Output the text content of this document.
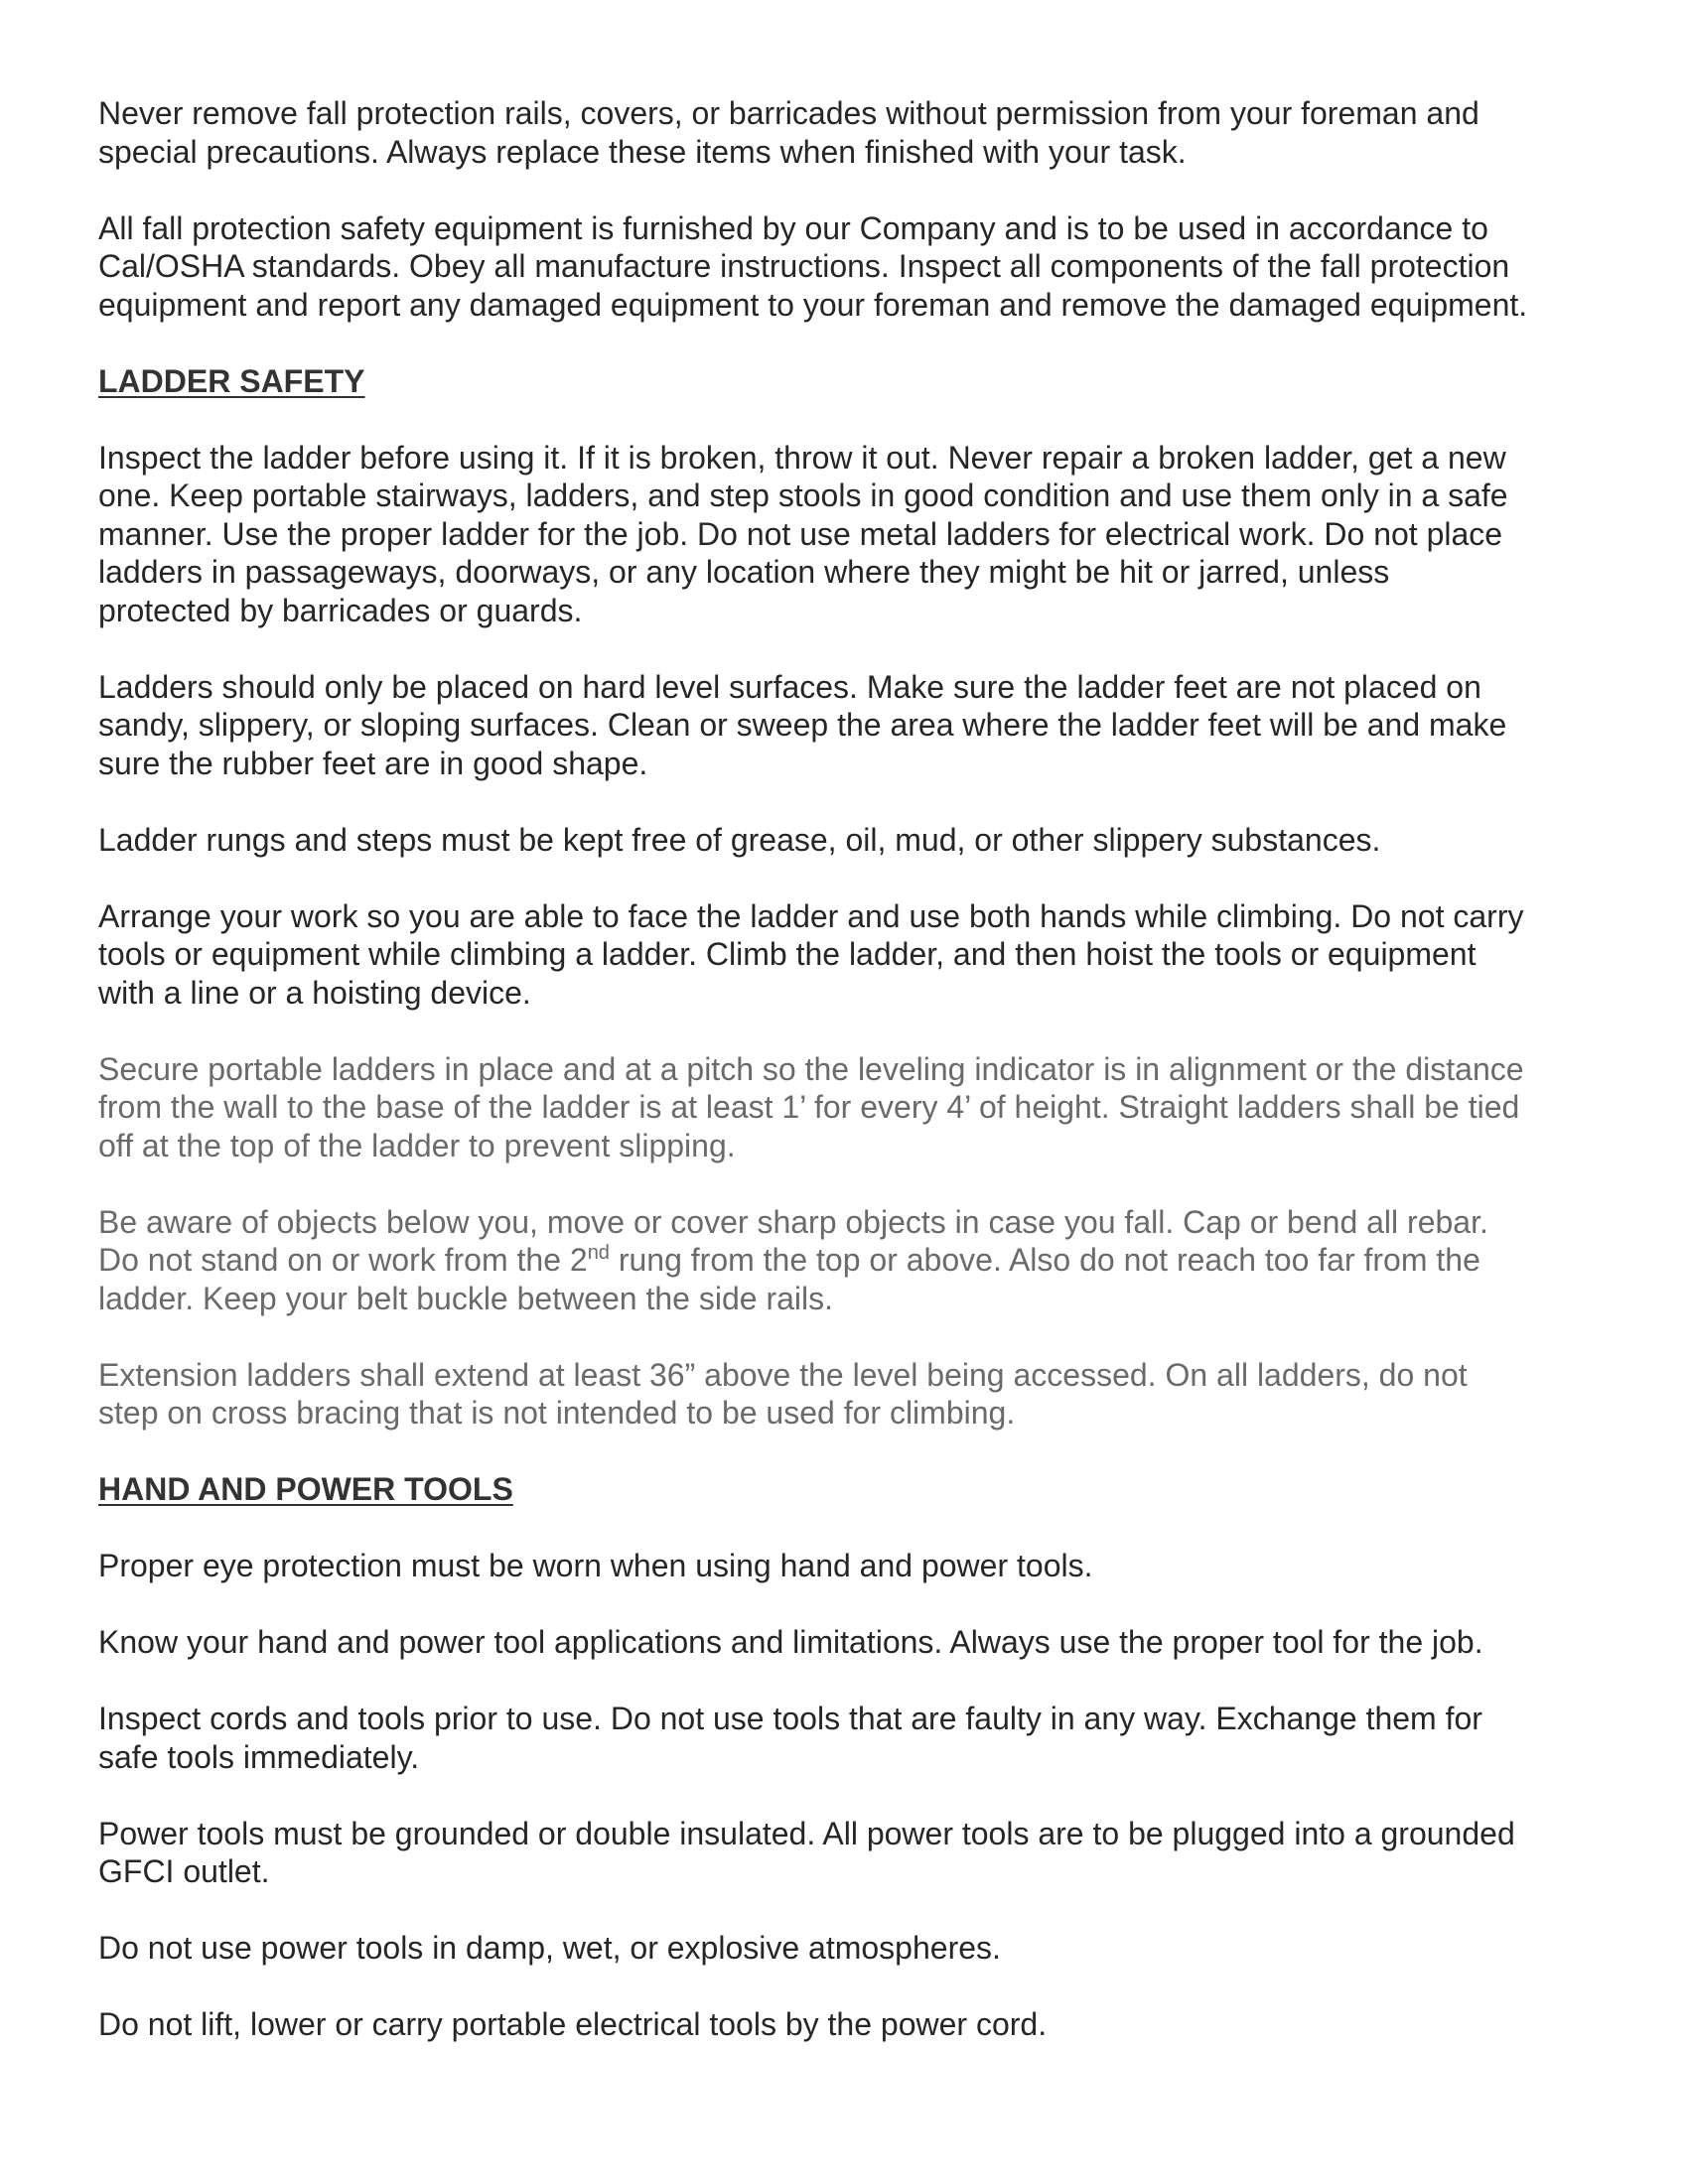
Never remove fall protection rails, covers, or barricades without permission from your foreman and
special precautions. Always replace these items when finished with your task.

All fall protection safety equipment is furnished by our Company and is to be used in accordance to
Cal/OSHA standards. Obey all manufacture instructions. Inspect all components of the fall protection
equipment and report any damaged equipment to your foreman and remove the damaged equipment.

LADDER SAFETY

Inspect the ladder before using it. If it is broken, throw it out. Never repair a broken ladder, get a new
one. Keep portable stairways, ladders, and step stools in good condition and use them only in a safe
manner. Use the proper ladder for the job. Do not use metal ladders for electrical work. Do not place
ladders in passageways, doorways, or any location where they might be hit or jarred, unless
protected by barricades or guards.

Ladders should only be placed on hard level surfaces. Make sure the ladder feet are not placed on
sandy, slippery, or sloping surfaces. Clean or sweep the area where the ladder feet will be and make
sure the rubber feet are in good shape.

Ladder rungs and steps must be kept free of grease, oil, mud, or other slippery substances.

Arrange your work so you are able to face the ladder and use both hands while climbing. Do not carry
tools or equipment while climbing a ladder. Climb the ladder, and then hoist the tools or equipment
with a line or a hoisting device.

Secure portable ladders in place and at a pitch so the leveling indicator is in alignment or the distance
from the wall to the base of the ladder is at least 1’ for every 4’ of height. Straight ladders shall be tied
off at the top of the ladder to prevent slipping.

Be aware of objects below you, move or cover sharp objects in case you fall. Cap or bend all rebar.
Do not stand on or work from the 2nd rung from the top or above. Also do not reach too far from the
ladder. Keep your belt buckle between the side rails.

Extension ladders shall extend at least 36” above the level being accessed. On all ladders, do not
step on cross bracing that is not intended to be used for climbing.

HAND AND POWER TOOLS

Proper eye protection must be worn when using hand and power tools.

Know your hand and power tool applications and limitations. Always use the proper tool for the job.

Inspect cords and tools prior to use. Do not use tools that are faulty in any way. Exchange them for
safe tools immediately.

Power tools must be grounded or double insulated. All power tools are to be plugged into a grounded
GFCI outlet.

Do not use power tools in damp, wet, or explosive atmospheres.

Do not lift, lower or carry portable electrical tools by the power cord.
